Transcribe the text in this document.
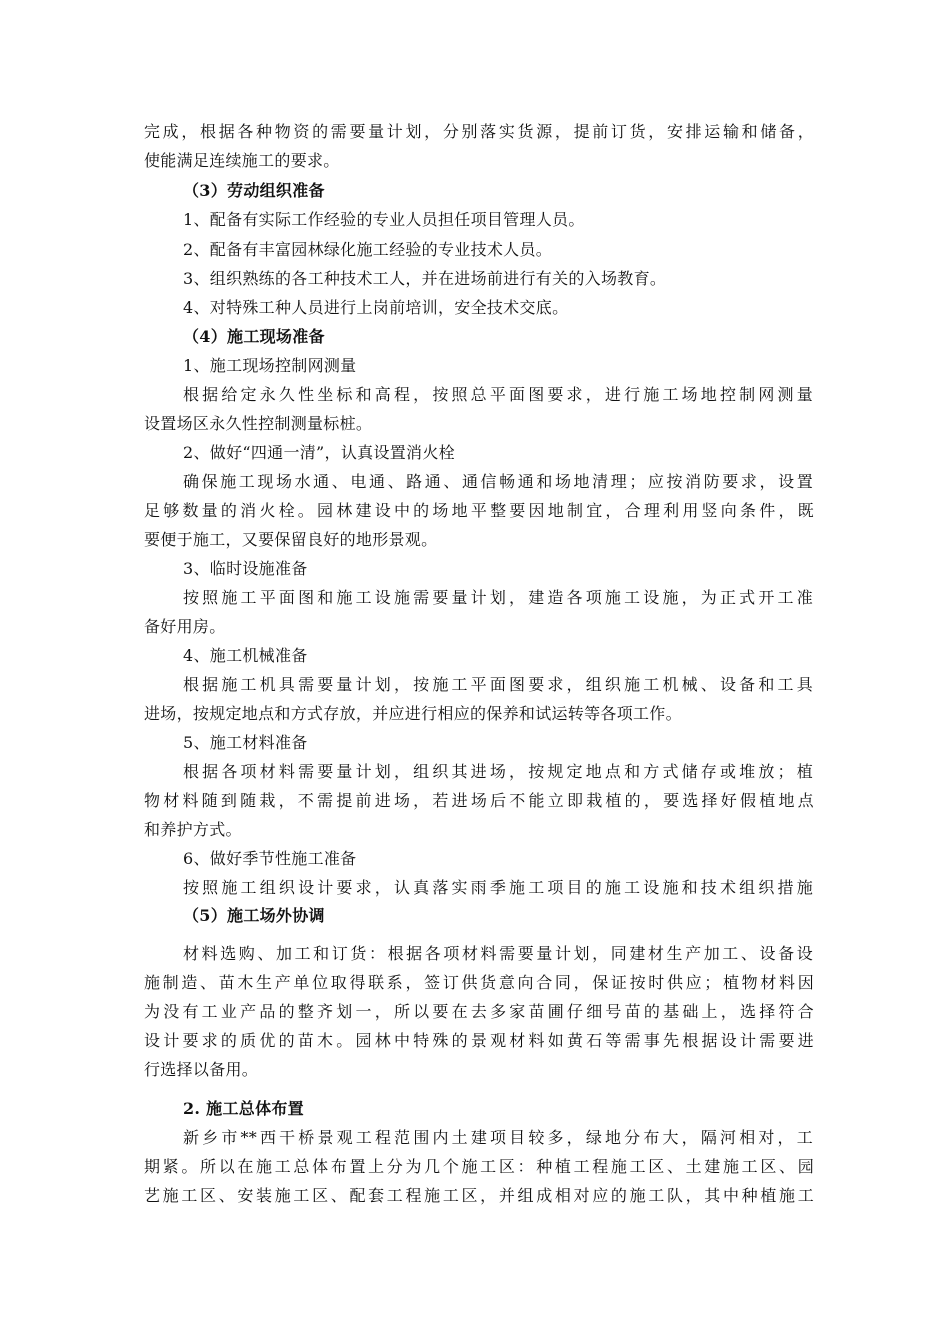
完成，根据各种物资的需要量计划，分别落实货源，提前订货，安排运输和储备，
使能满足连续施工的要求。
（3）劳动组织准备
1、配备有实际工作经验的专业人员担任项目管理人员。
2、配备有丰富园林绿化施工经验的专业技术人员。
3、组织熟练的各工种技术工人，并在进场前进行有关的入场教育。
4、对特殊工种人员进行上岗前培训，安全技术交底。
（4）施工现场准备
1、施工现场控制网测量
根据给定永久性坐标和高程，按照总平面图要求，进行施工场地控制网测量
设置场区永久性控制测量标桩。
2、做好“四通一清”，认真设置消火栓
确保施工现场水通、电通、路通、通信畅通和场地清理；应按消防要求，设置
足够数量的消火栓。园林建设中的场地平整要因地制宜，合理利用竖向条件，既
要便于施工，又要保留良好的地形景观。
3、临时设施准备
按照施工平面图和施工设施需要量计划，建造各项施工设施，为正式开工准
备好用房。
4、施工机械准备
根据施工机具需要量计划，按施工平面图要求，组织施工机械、设备和工具
进场，按规定地点和方式存放，并应进行相应的保养和试运转等各项工作。
5、施工材料准备
根据各项材料需要量计划，组织其进场，按规定地点和方式储存或堆放；植
物材料随到随栽，不需提前进场，若进场后不能立即栽植的，要选择好假植地点
和养护方式。
6、做好季节性施工准备
按照施工组织设计要求，认真落实雨季施工项目的施工设施和技术组织措施
（5）施工场外协调
材料选购、加工和订货：根据各项材料需要量计划，同建材生产加工、设备设
施制造、苗木生产单位取得联系，签订供货意向合同，保证按时供应；植物材料因
为没有工业产品的整齐划一，所以要在去多家苗圃仔细号苗的基础上，选择符合
设计要求的质优的苗木。园林中特殊的景观材料如黄石等需事先根据设计需要进
行选择以备用。
2. 施工总体布置
新乡市**西干桥景观工程范围内土建项目较多，绿地分布大，隔河相对，工
期紧。所以在施工总体布置上分为几个施工区：种植工程施工区、土建施工区、园
艺施工区、安装施工区、配套工程施工区，并组成相对应的施工队，其中种植施工
